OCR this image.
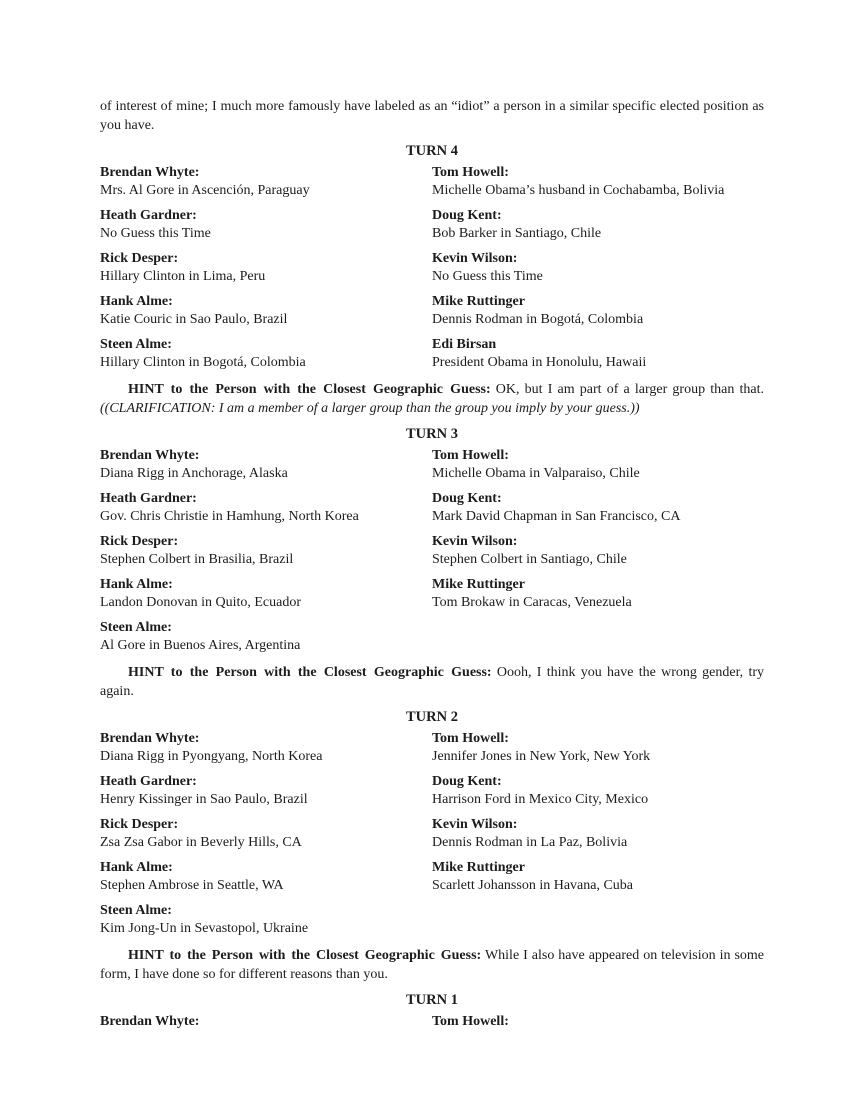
of interest of mine; I much more famously have labeled as an “idiot” a person in a similar specific elected position as you have.

TURN 4
Brendan Whyte:
Mrs. Al Gore in Ascención, Paraguay
Tom Howell:
Michelle Obama’s husband in Cochabamba, Bolivia
Heath Gardner:
No Guess this Time
Doug Kent:
Bob Barker in Santiago, Chile
Rick Desper:
Hillary Clinton in Lima, Peru
Kevin Wilson:
No Guess this Time
Hank Alme:
Katie Couric in Sao Paulo, Brazil
Mike Ruttinger
Dennis Rodman in Bogotá, Colombia
Steen Alme:
Hillary Clinton in Bogotá, Colombia
Edi Birsan
President Obama in Honolulu, Hawaii

HINT to the Person with the Closest Geographic Guess: OK, but I am part of a larger group than that. ((CLARIFICATION: I am a member of a larger group than the group you imply by your guess.))

TURN 3
Brendan Whyte:
Diana Rigg in Anchorage, Alaska
Tom Howell:
Michelle Obama in Valparaiso, Chile
Heath Gardner:
Gov. Chris Christie in Hamhung, North Korea
Doug Kent:
Mark David Chapman in San Francisco, CA
Rick Desper:
Stephen Colbert in Brasilia, Brazil
Kevin Wilson:
Stephen Colbert in Santiago, Chile
Hank Alme:
Landon Donovan in Quito, Ecuador
Mike Ruttinger
Tom Brokaw in Caracas, Venezuela
Steen Alme:
Al Gore in Buenos Aires, Argentina

HINT to the Person with the Closest Geographic Guess: Oooh, I think you have the wrong gender, try again.

TURN 2
Brendan Whyte:
Diana Rigg in Pyongyang, North Korea
Tom Howell:
Jennifer Jones in New York, New York
Heath Gardner:
Henry Kissinger in Sao Paulo, Brazil
Doug Kent:
Harrison Ford in Mexico City, Mexico
Rick Desper:
Zsa Zsa Gabor in Beverly Hills, CA
Kevin Wilson:
Dennis Rodman in La Paz, Bolivia
Hank Alme:
Stephen Ambrose in Seattle, WA
Mike Ruttinger
Scarlett Johansson in Havana, Cuba
Steen Alme:
Kim Jong-Un in Sevastopol, Ukraine

HINT to the Person with the Closest Geographic Guess: While I also have appeared on television in some form, I have done so for different reasons than you.

TURN 1
Brendan Whyte:	Tom Howell:
